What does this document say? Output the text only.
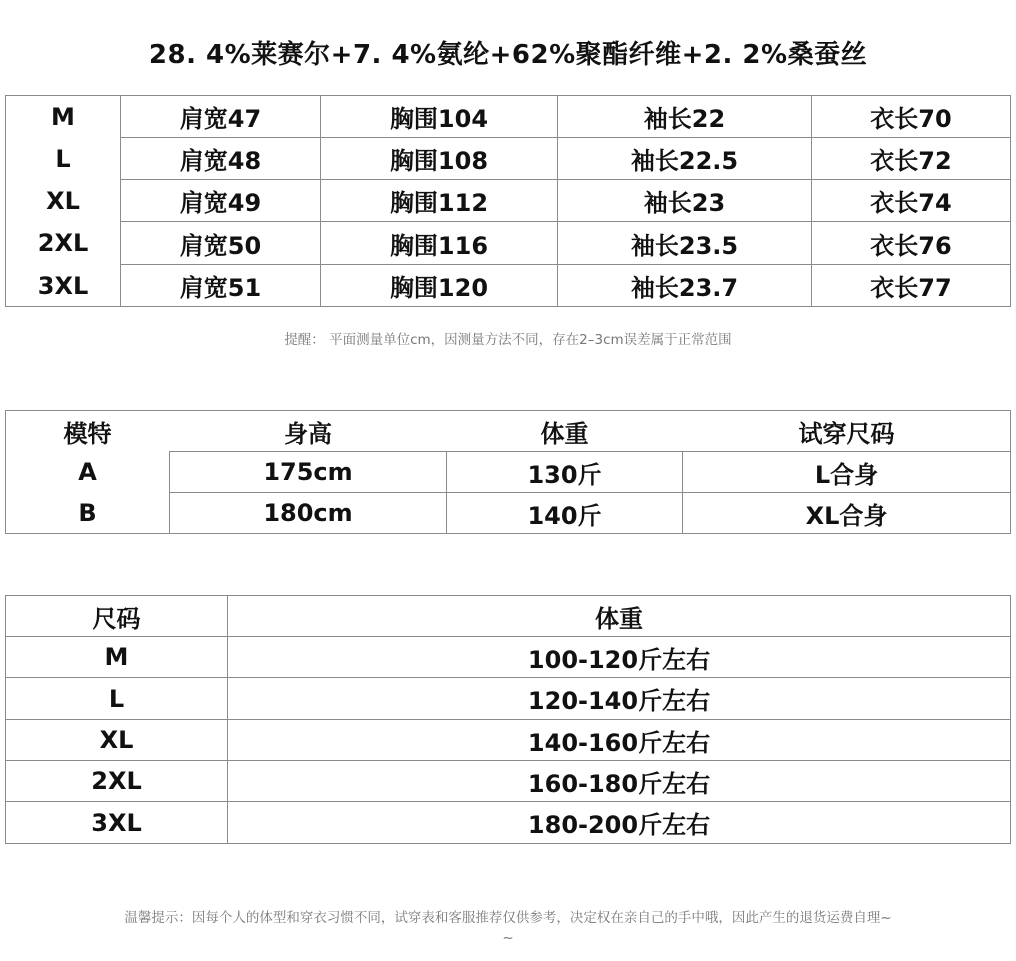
28. 4%莱赛尔+7. 4%氨纶+62%聚酯纤维+2. 2%桑蚕丝
M	肩宽47	胸围104	袖长22	衣长70
L	肩宽48	胸围108	袖长22.5	衣长72
XL	肩宽49	胸围112	袖长23	衣长74
2XL	肩宽50	胸围116	袖长23.5	衣长76
3XL	肩宽51	胸围120	袖长23.7	衣长77
提醒： 平面测量单位cm，因测量方法不同，存在2–3cm误差属于正常范围
模特	身高	体重	试穿尺码
A	175cm	130斤	L合身
B	180cm	140斤	XL合身
尺码	体重
M	100-120斤左右
L	120-140斤左右
XL	140-160斤左右
2XL	160-180斤左右
3XL	180-200斤左右
温馨提示：因每个人的体型和穿衣习惯不同，试穿表和客服推荐仅供参考，决定权在亲自己的手中哦，因此产生的退货运费自理~
~
